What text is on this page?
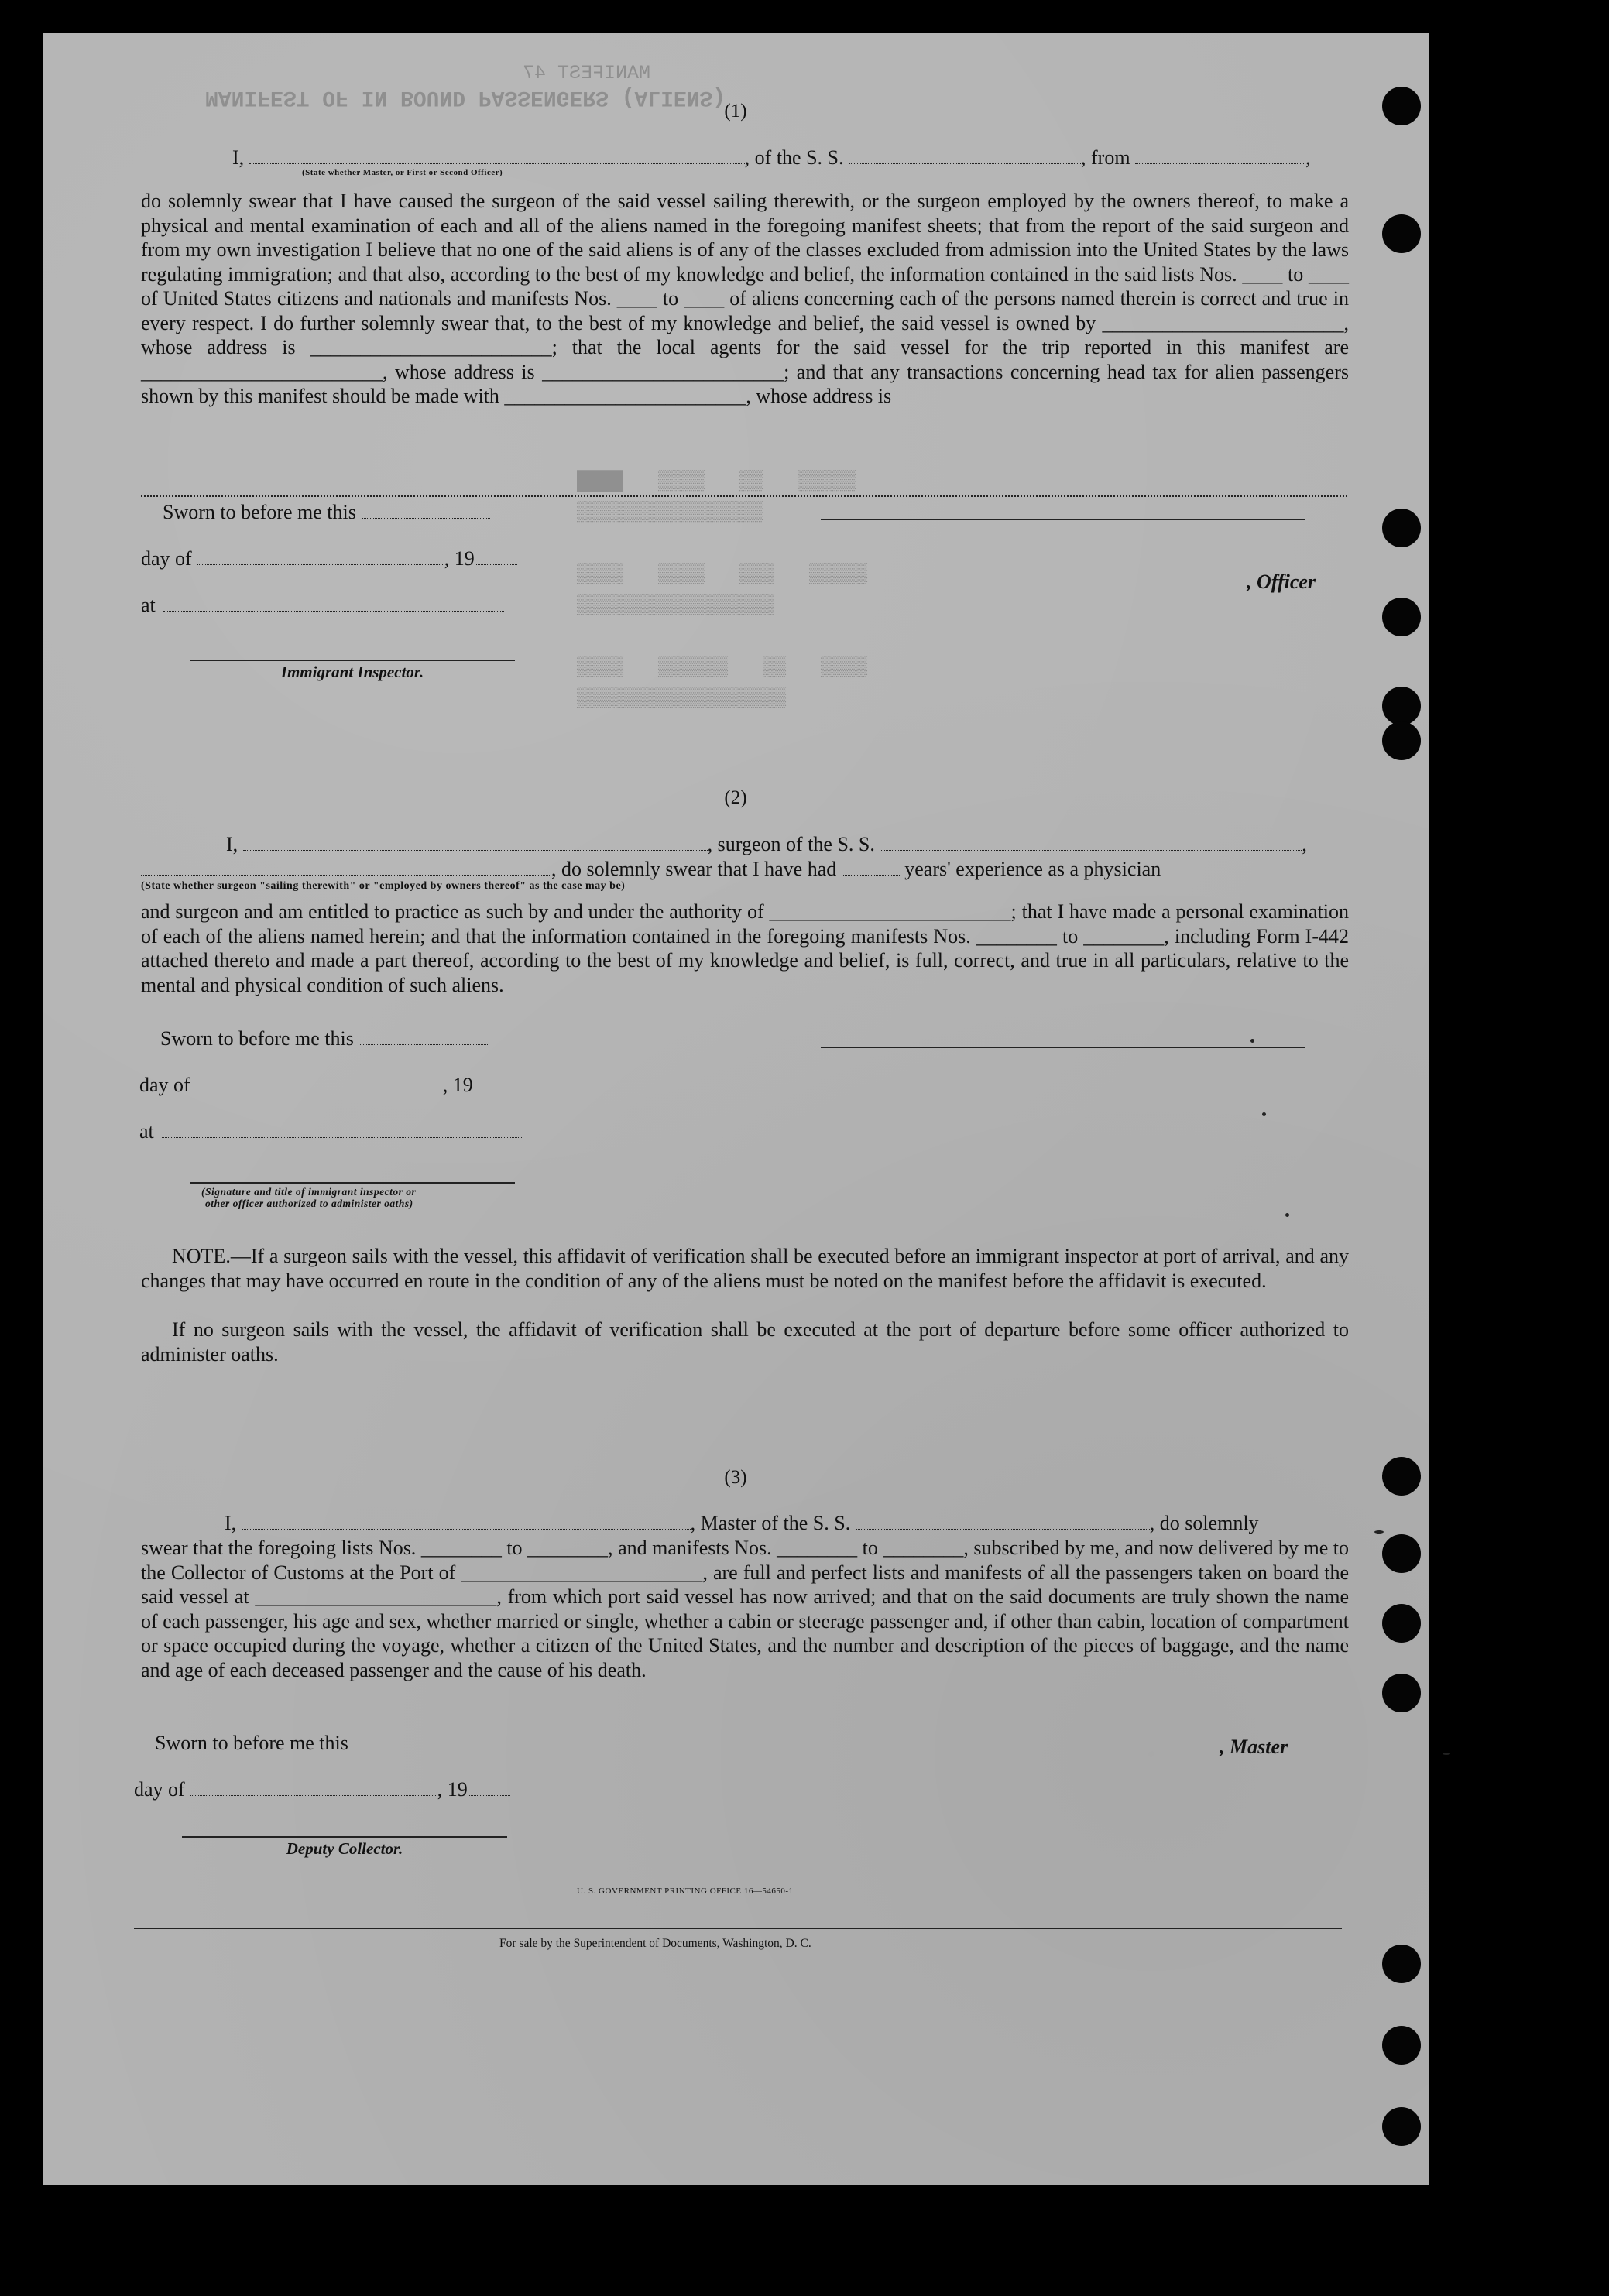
MANIFEST OF IN BOUND PASSENGERS (ALIENS)
MANIFEST 47
████   ▒▒▒▒   ▒▒   ▒▒▒▒▒
▒▒▒▒▒▒▒▒▒▒▒▒▒▒▒▒

▒▒▒▒   ▒▒▒▒   ▒▒▒   ▒▒▒▒▒
▒▒▒▒▒▒▒▒▒▒▒▒▒▒▒▒▒

▒▒▒▒   ▒▒▒▒▒▒   ▒▒   ▒▒▒▒
▒▒▒▒▒▒▒▒▒▒▒▒▒▒▒▒▒▒
(1)
I,	, of the S. S.	, from	,
(State whether Master, or First or Second Officer)
do solemnly swear that I have caused the surgeon of the said vessel sailing therewith, or the surgeon employed by the owners thereof, to make a physical and mental examination of each and all of the aliens named in the foregoing manifest sheets; that from the report of the said surgeon and from my own investigation I believe that no one of the said aliens is of any of the classes excluded from admission into the United States by the laws regulating immigration; and that also, according to the best of my knowledge and belief, the information contained in the said lists Nos. ____ to ____ of United States citizens and nationals and manifests Nos. ____ to ____ of aliens concerning each of the persons named therein is correct and true in every respect. I do further solemnly swear that, to the best of my knowledge and belief, the said vessel is owned by ________________________, whose address is ________________________; that the local agents for the said vessel for the trip reported in this manifest are ________________________, whose address is ________________________; and that any transactions concerning head tax for alien passengers shown by this manifest should be made with ________________________, whose address is
Sworn to before me this
day of	, 19
, Officer
at
Immigrant Inspector.
(2)
I,	, surgeon of the S. S.	,
, do solemnly swear that I have had	years' experience as a physician
(State whether surgeon "sailing therewith" or "employed by owners thereof" as the case may be)
and surgeon and am entitled to practice as such by and under the authority of ________________________; that I have made a personal examination of each of the aliens named herein; and that the information contained in the foregoing manifests Nos. ________ to ________, including Form I-442 attached thereto and made a part thereof, according to the best of my knowledge and belief, is full, correct, and true in all particulars, relative to the mental and physical condition of such aliens.
Sworn to before me this
day of	, 19
at
(Signature and title of immigrant inspector or
other officer authorized to administer oaths)
NOTE.—If a surgeon sails with the vessel, this affidavit of verification shall be executed before an immigrant inspector at port of arrival, and any changes that may have occurred en route in the condition of any of the aliens must be noted on the manifest before the affidavit is executed.
If no surgeon sails with the vessel, the affidavit of verification shall be executed at the port of departure before some officer authorized to administer oaths.
(3)
I,	, Master of the S. S.	, do solemnly
swear that the foregoing lists Nos. ________ to ________, and manifests Nos. ________ to ________, subscribed by me, and now delivered by me to the Collector of Customs at the Port of ________________________, are full and perfect lists and manifests of all the passengers taken on board the said vessel at ________________________, from which port said vessel has now arrived; and that on the said documents are truly shown the name of each passenger, his age and sex, whether married or single, whether a cabin or steerage passenger and, if other than cabin, location of compartment or space occupied during the voyage, whether a citizen of the United States, and the number and description of the pieces of baggage, and the name and age of each deceased passenger and the cause of his death.
Sworn to before me this	, Master
day of	, 19
Deputy Collector.
U. S. GOVERNMENT PRINTING OFFICE 16—54650-1
For sale by the Superintendent of Documents, Washington, D. C.
